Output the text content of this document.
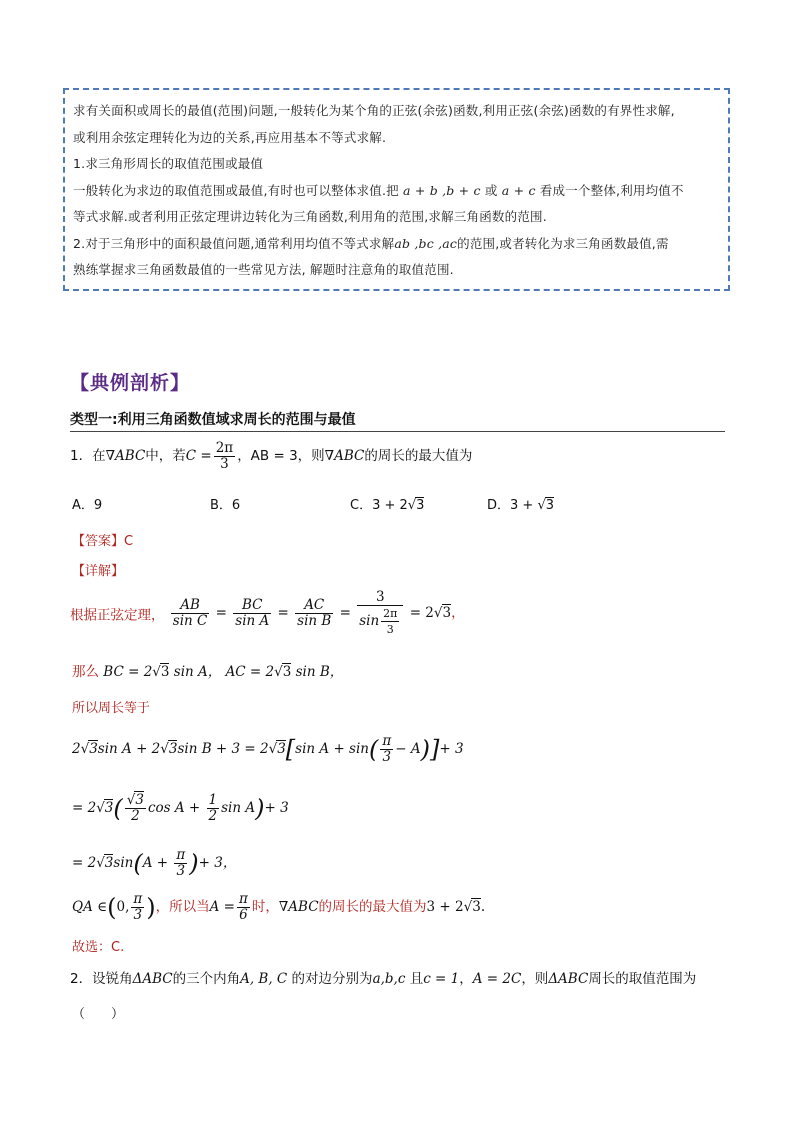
求有关面积或周长的最值(范围)问题,一般转化为某个角的正弦(余弦)函数,利用正弦(余弦)函数的有界性求解,
或利用余弦定理转化为边的关系,再应用基本不等式求解.
1.求三角形周长的取值范围或最值
一般转化为求边的取值范围或最值,有时也可以整体求值.把 a + b ,b + c 或 a + c 看成一个整体,利用均值不
等式求解.或者利用正弦定理讲边转化为三角函数,利用角的范围,求解三角函数的范围.
2.对于三角形中的面积最值问题,通常利用均值不等式求解ab ,bc ,ac的范围,或者转化为求三角函数最值,需
熟练掌握求三角函数最值的一些常见方法, 解题时注意角的取值范围.
【典例剖析】
类型一:利用三角函数值域求周长的范围与最值
1．在∇ABC中，若$C = \frac{2\pi}{3}$ ，AB = 3，则∇ABC的周长的最大值为
A．9	B．6	C．3 + 2√3	D．3 + √3
【答案】C
【详解】
根据正弦定理， $\frac{AB}{\text{sin C}} = \frac{BC}{\text{sin A}} = \frac{AC}{\text{sin B}} = \frac{3}{\sin \frac{2\pi}{3}} = 2√3$，
那么 BC = 2√3 sin A， AC = 2√3 sin B，
所以周长等于
2√3sin A + 2√3sin B + 3 = 2√3[sin $A + \sin( \frac{\pi}{3} - A)]+ 3$
= $2√3( \frac{√3}{2}$ $\cos A + \frac{1}{2}$ sin A)+ 3
= $2√3\sin(A + \frac{\pi}{3}$ )+ 3，
QA ∈(0, $\frac{\pi}{3}$ )，所以当$A = \frac{\pi}{6}$ 时，∇ABC的周长的最大值为3 + 2√3.
故选：C.
2．设锐角ΔABC的三个内角A, B, C 的对边分别为a,b,c 且c = 1，A = 2C，则ΔABC周长的取值范围为
（　　）
